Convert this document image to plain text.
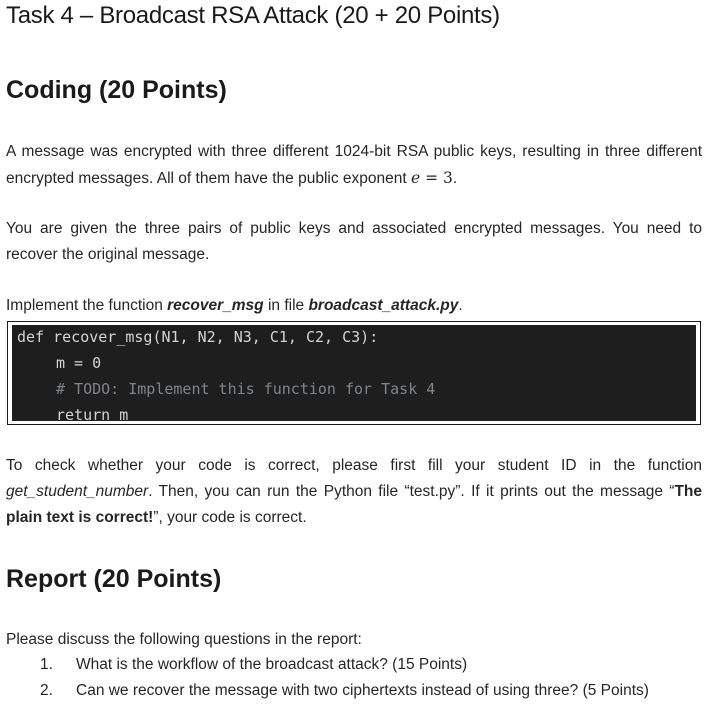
Task 4 – Broadcast RSA Attack (20 + 20 Points)
Coding (20 Points)

A message was encrypted with three different 1024-bit RSA public keys, resulting in three different encrypted messages. All of them have the public exponent e = 3.

You are given the three pairs of public keys and associated encrypted messages. You need to recover the original message.

Implement the function recover_msg in file broadcast_attack.py.

def recover_msg(N1, N2, N3, C1, C2, C3):
m = 0
# TODO: Implement this function for Task 4
return m

To check whether your code is correct, please first fill your student ID in the function get_student_number. Then, you can run the Python file “test.py”. If it prints out the message “The plain text is correct!”, your code is correct.

Report (20 Points)

Please discuss the following questions in the report:

1. What is the workflow of the broadcast attack? (15 Points)
2. Can we recover the message with two ciphertexts instead of using three? (5 Points)
